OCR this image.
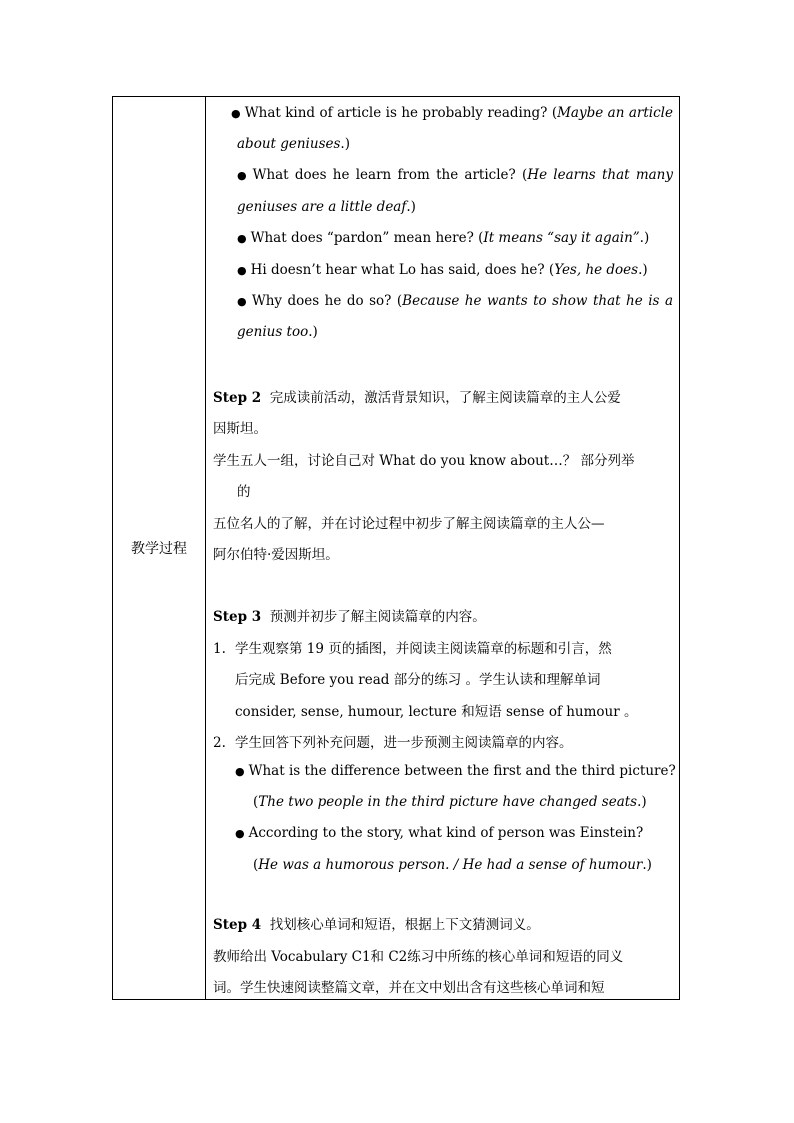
教学过程
● What kind of article is he probably reading? (Maybe an article
about geniuses.)
● What does he learn from the article? (He learns that many
geniuses are a little deaf.)
● What does “pardon” mean here? (It means “say it again”.)
● Hi doesn’t hear what Lo has said, does he? (Yes, he does.)
● Why does he do so? (Because he wants to show that he is a
genius too.)
Step 2 完成读前活动，激活背景知识，了解主阅读篇章的主人公爱
因斯坦。
学生五人一组，讨论自己对 What do you know about…？ 部分列举
的
五位名人的了解，并在讨论过程中初步了解主阅读篇章的主人公—
阿尔伯特·爱因斯坦。
Step 3 预测并初步了解主阅读篇章的内容。
1. 学生观察第 19 页的插图，并阅读主阅读篇章的标题和引言，然
后完成 Before you read 部分的练习 。学生认读和理解单词
consider, sense, humour, lecture 和短语 sense of humour 。
2. 学生回答下列补充问题，进一步预测主阅读篇章的内容。
● What is the difference between the first and the third picture?
(The two people in the third picture have changed seats.)
● According to the story, what kind of person was Einstein?
(He was a humorous person. / He had a sense of humour.)
Step 4 找划核心单词和短语，根据上下文猜测词义。
教师给出 Vocabulary C1和 C2练习中所练的核心单词和短语的同义
词。学生快速阅读整篇文章，并在文中划出含有这些核心单词和短
